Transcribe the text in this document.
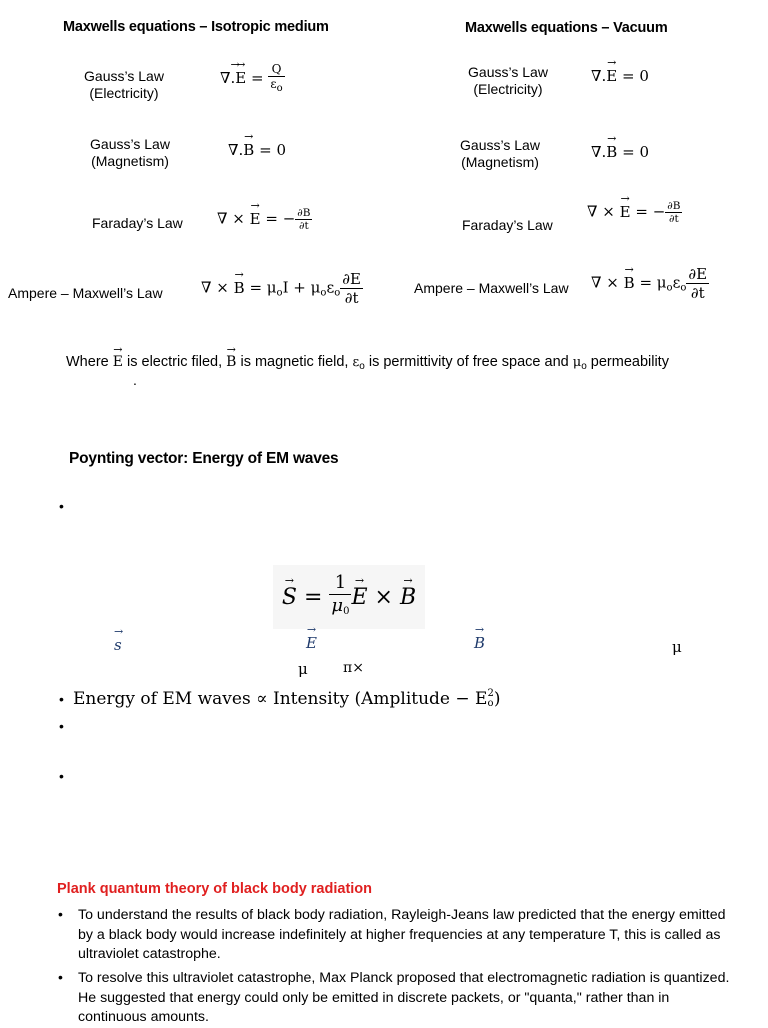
Maxwells equations – Isotropic medium	Maxwells equations – Vacuum
Gauss’s Law
(Electricity)
∇→ .→ $E = \frac{Q}{\varepsilon_o}$
Gauss’s Law
(Magnetism)
∇.→ B = 0
Faraday’s Law ∇ × → E = − $\frac{\partial B}{\partial t}$
Ampere – Maxwell’s Law	∇ × → $B = \mu_oI + \mu_o\varepsilon_o \frac{\partial E}{\partial t}$
Gauss’s Law
(Electricity)
∇.→ E = 0
Gauss’s Law
(Magnetism)
∇.→ B = 0
Faraday’s Law
∇ × → E = − $\frac{\partial B}{\partial t}$
Ampere – Maxwell’s Law ∇ × → $B = \mu_o\varepsilon_o \frac{\partial E}{\partial t}$
Where → E is electric filed, → B is magnetic field, $\varepsilon_o$ is permittivity of free space and $\mu_o$ permeability
.
Poynting vector: Energy of EM waves
•
→ $S = \frac{1}{\mu_0}$
→ E ×
→ B
→ s
→	E
→	B	μ
μ	π×
• Energy of EM waves ∝ Intensity (Amplitude − E 2
o )
•
•
Plank quantum theory of black body radiation
• To understand the results of black body radiation, Rayleigh-Jeans law predicted that the energy emitted by a black body would increase indefinitely at higher frequencies at any temperature T, this is called as ultraviolet catastrophe.
• To resolve this ultraviolet catastrophe, Max Planck proposed that electromagnetic radiation is quantized. He suggested that energy could only be emitted in discrete packets, or "quanta," rather than in continuous amounts.
